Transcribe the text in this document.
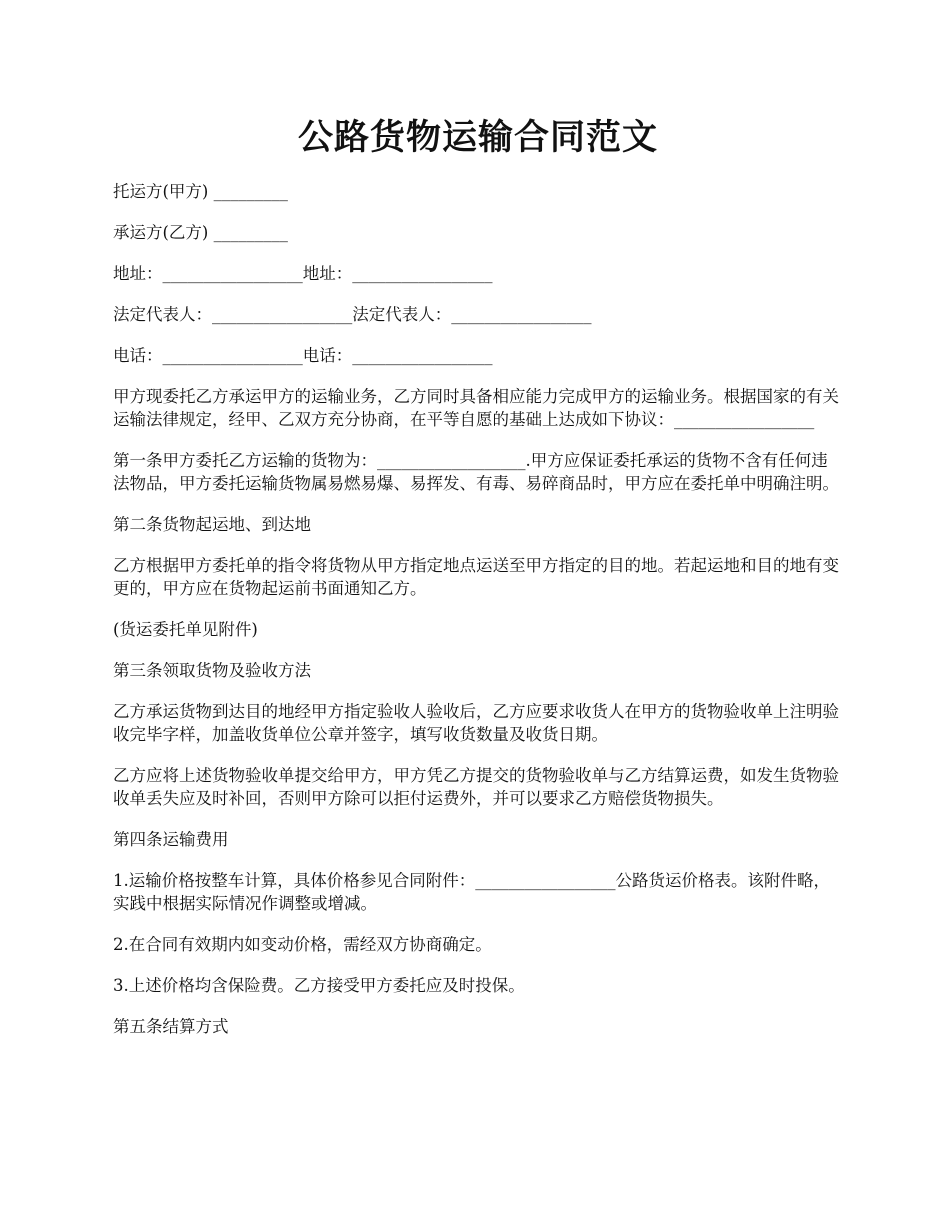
公路货物运输合同范文

托运方(甲方) _________

承运方(乙方) _________

地址：_________________地址：_________________

法定代表人：_________________法定代表人：_________________

电话：_________________电话：_________________

甲方现委托乙方承运甲方的运输业务，乙方同时具备相应能力完成甲方的运输业务。根据国家的有关运输法律规定，经甲、乙双方充分协商，在平等自愿的基础上达成如下协议：_________________

第一条甲方委托乙方运输的货物为：__________________.甲方应保证委托承运的货物不含有任何违法物品，甲方委托运输货物属易燃易爆、易挥发、有毒、易碎商品时，甲方应在委托单中明确注明。

第二条货物起运地、到达地

乙方根据甲方委托单的指令将货物从甲方指定地点运送至甲方指定的目的地。若起运地和目的地有变更的，甲方应在货物起运前书面通知乙方。

(货运委托单见附件)

第三条领取货物及验收方法

乙方承运货物到达目的地经甲方指定验收人验收后，乙方应要求收货人在甲方的货物验收单上注明验收完毕字样，加盖收货单位公章并签字，填写收货数量及收货日期。

乙方应将上述货物验收单提交给甲方，甲方凭乙方提交的货物验收单与乙方结算运费，如发生货物验收单丢失应及时补回，否则甲方除可以拒付运费外，并可以要求乙方赔偿货物损失。

第四条运输费用

1.运输价格按整车计算，具体价格参见合同附件：_________________公路货运价格表。该附件略，实践中根据实际情况作调整或增减。

2.在合同有效期内如变动价格，需经双方协商确定。

3.上述价格均含保险费。乙方接受甲方委托应及时投保。

第五条结算方式
